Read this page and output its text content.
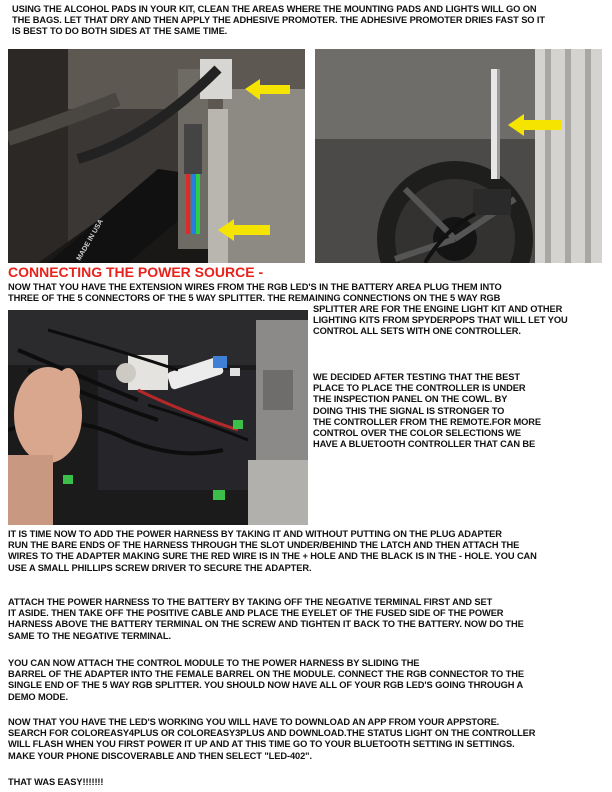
USING THE ALCOHOL PADS IN YOUR KIT, CLEAN THE AREAS WHERE THE MOUNTING PADS AND LIGHTS WILL GO ON
THE BAGS. LET THAT DRY AND THEN APPLY THE ADHESIVE PROMOTER. THE ADHESIVE PROMOTER DRIES FAST SO IT
IS BEST TO DO BOTH SIDES AT THE SAME TIME.

MADE IN USA
CONNECTING THE POWER SOURCE -

NOW THAT YOU HAVE THE EXTENSION WIRES FROM THE RGB LED'S IN THE BATTERY AREA PLUG THEM INTO
THREE OF THE 5 CONNECTORS OF THE 5 WAY SPLITTER. THE REMAINING CONNECTIONS ON THE 5 WAY RGB

SPLITTER ARE FOR THE ENGINE LIGHT KIT AND OTHER
LIGHTING KITS FROM SPYDERPOPS THAT WILL LET YOU
CONTROL ALL SETS WITH ONE CONTROLLER.

WE DECIDED AFTER TESTING THAT THE BEST
PLACE TO PLACE THE CONTROLLER IS UNDER
THE INSPECTION PANEL ON THE COWL. BY
DOING THIS THE SIGNAL IS STRONGER TO
THE CONTROLLER FROM THE REMOTE.FOR MORE
CONTROL OVER THE COLOR SELECTIONS WE
HAVE A BLUETOOTH CONTROLLER THAT CAN BE

IT IS TIME NOW TO ADD THE POWER HARNESS BY TAKING IT AND WITHOUT PUTTING ON THE PLUG ADAPTER
RUN THE BARE ENDS OF THE HARNESS THROUGH THE SLOT UNDER/BEHIND THE LATCH AND THEN ATTACH THE
WIRES TO THE ADAPTER MAKING SURE THE RED WIRE IS IN THE + HOLE AND THE BLACK IS IN THE - HOLE. YOU CAN
USE A SMALL PHILLIPS SCREW DRIVER TO SECURE THE ADAPTER.

ATTACH THE POWER HARNESS TO THE BATTERY BY TAKING OFF THE NEGATIVE TERMINAL FIRST AND SET
IT ASIDE. THEN TAKE OFF THE POSITIVE CABLE AND PLACE THE EYELET OF THE FUSED SIDE OF THE POWER
HARNESS ABOVE THE BATTERY TERMINAL ON THE SCREW AND TIGHTEN IT BACK TO THE BATTERY. NOW DO THE
SAME TO THE NEGATIVE TERMINAL.

YOU CAN NOW ATTACH THE CONTROL MODULE TO THE POWER HARNESS BY SLIDING THE
BARREL OF THE ADAPTER INTO THE FEMALE BARREL ON THE MODULE. CONNECT THE RGB CONNECTOR TO THE
SINGLE END OF THE 5 WAY RGB SPLITTER. YOU SHOULD NOW HAVE ALL OF YOUR RGB LED'S GOING THROUGH A
DEMO MODE.

NOW THAT YOU HAVE THE LED'S WORKING YOU WILL HAVE TO DOWNLOAD AN APP FROM YOUR APPSTORE.
SEARCH FOR COLOREASY4PLUS OR COLOREASY3PLUS AND DOWNLOAD.THE STATUS LIGHT ON THE CONTROLLER
WILL FLASH WHEN YOU FIRST POWER IT UP AND AT THIS TIME GO TO YOUR BLUETOOTH SETTING IN SETTINGS.
MAKE YOUR PHONE DISCOVERABLE AND THEN SELECT "LED-402".

THAT WAS EASY!!!!!!!
